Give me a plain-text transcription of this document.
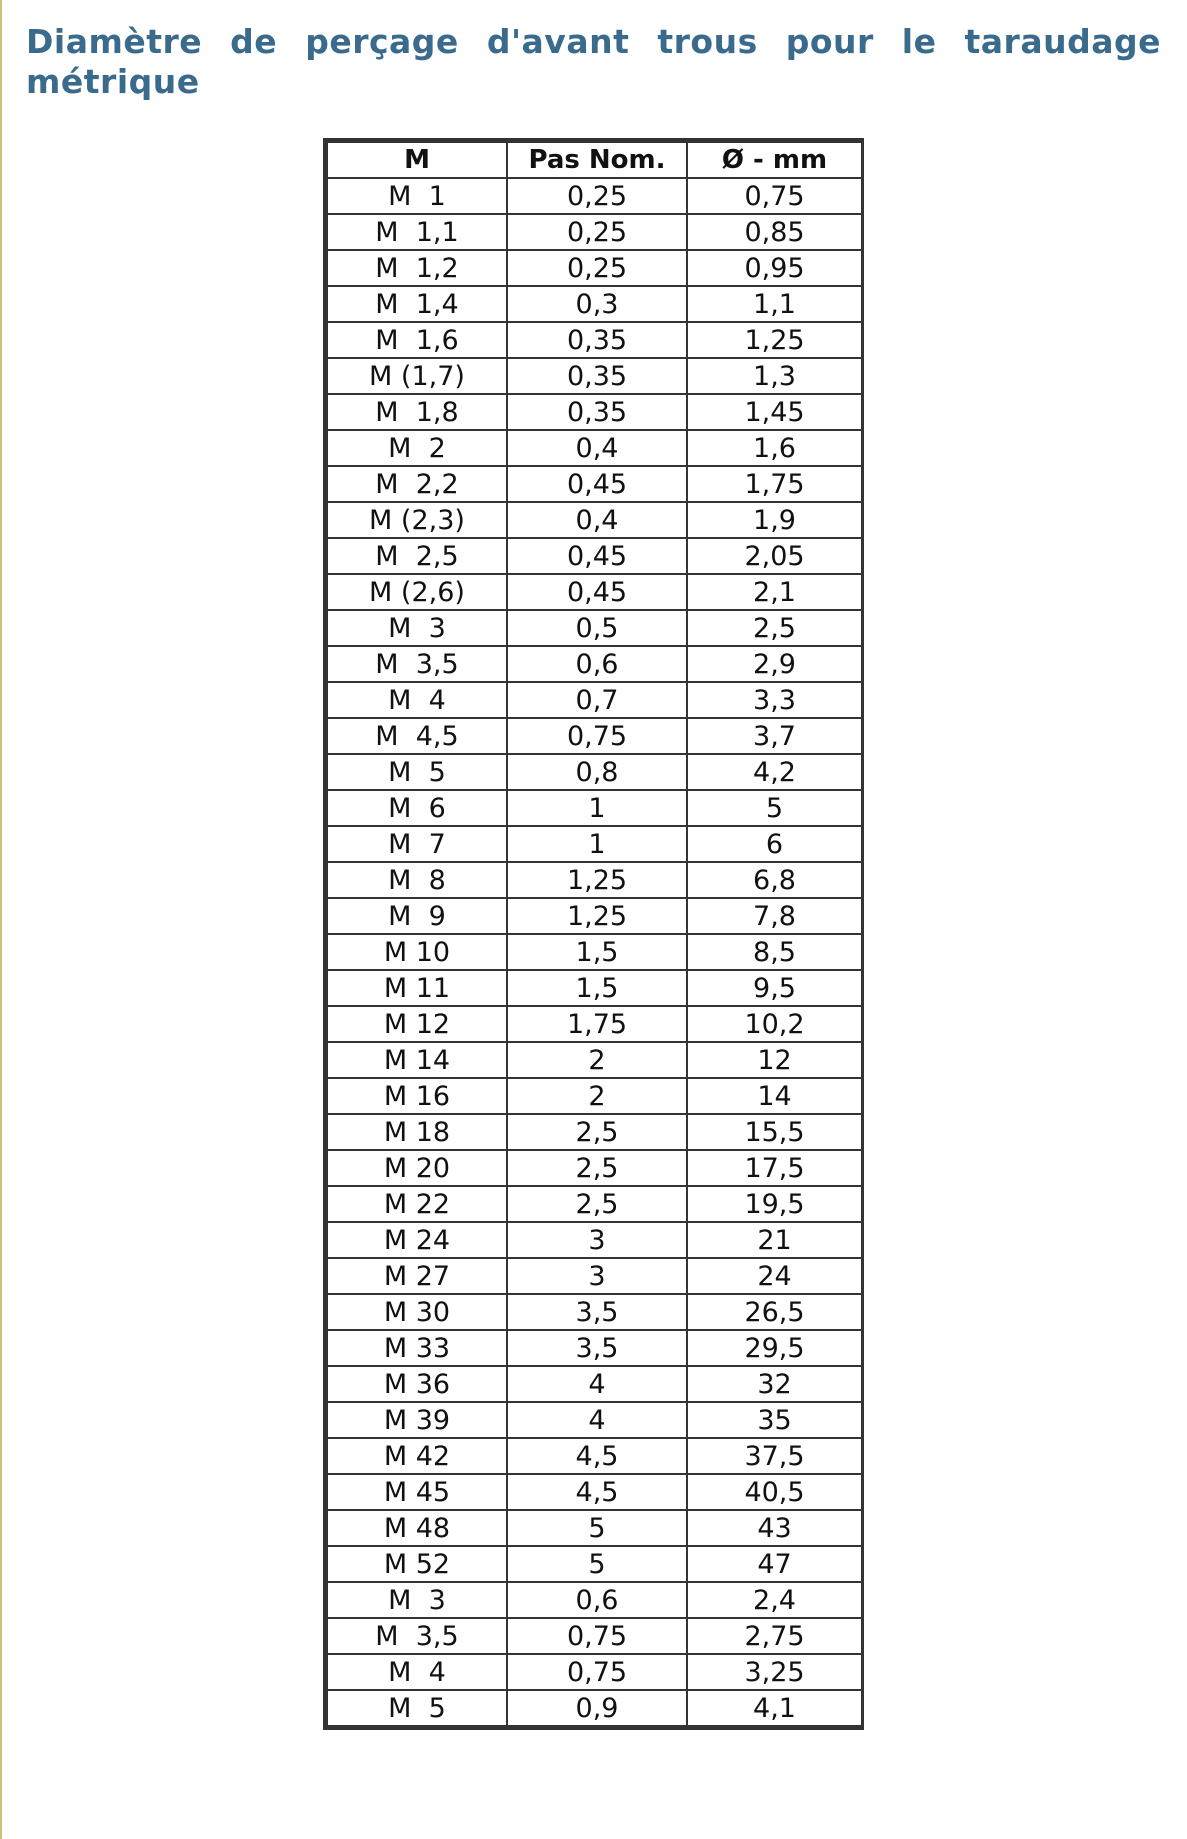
Diamètre de perçage d'avant trous pour le taraudage métrique
M	Pas Nom.	Ø - mm
M  1	0,25	0,75
M  1,1	0,25	0,85
M  1,2	0,25	0,95
M  1,4	0,3	1,1
M  1,6	0,35	1,25
M (1,7)	0,35	1,3
M  1,8	0,35	1,45
M  2	0,4	1,6
M  2,2	0,45	1,75
M (2,3)	0,4	1,9
M  2,5	0,45	2,05
M (2,6)	0,45	2,1
M  3	0,5	2,5
M  3,5	0,6	2,9
M  4	0,7	3,3
M  4,5	0,75	3,7
M  5	0,8	4,2
M  6	1	5
M  7	1	6
M  8	1,25	6,8
M  9	1,25	7,8
M 10	1,5	8,5
M 11	1,5	9,5
M 12	1,75	10,2
M 14	2	12
M 16	2	14
M 18	2,5	15,5
M 20	2,5	17,5
M 22	2,5	19,5
M 24	3	21
M 27	3	24
M 30	3,5	26,5
M 33	3,5	29,5
M 36	4	32
M 39	4	35
M 42	4,5	37,5
M 45	4,5	40,5
M 48	5	43
M 52	5	47
M  3	0,6	2,4
M  3,5	0,75	2,75
M  4	0,75	3,25
M  5	0,9	4,1
